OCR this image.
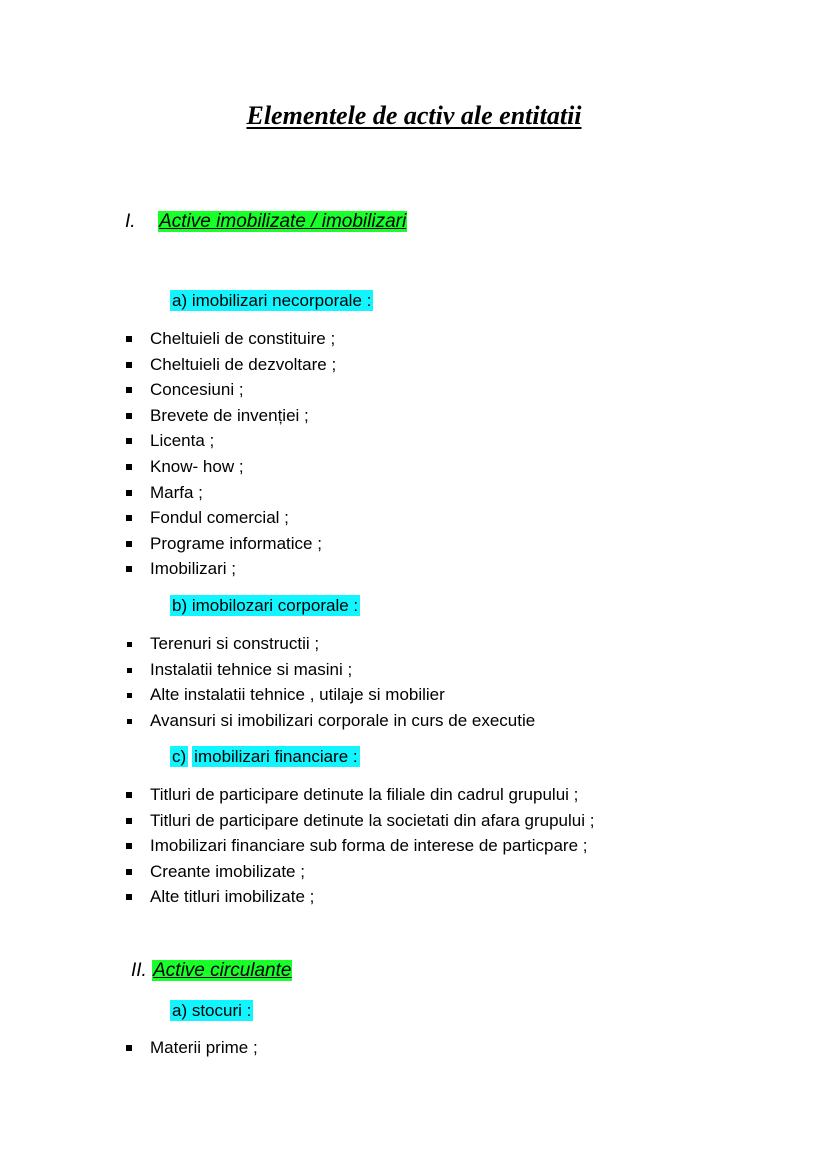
Elementele de activ ale entitatii
I. Active imobilizate / imobilizari
a) imobilizari necorporale :
Cheltuieli de constituire ;
Cheltuieli de dezvoltare ;
Concesiuni ;
Brevete de invenției ;
Licenta ;
Know- how ;
Marfa ;
Fondul comercial ;
Programe informatice ;
Imobilizari ;
b) imobilozari corporale :
Terenuri si constructii ;
Instalatii tehnice si masini ;
Alte instalatii tehnice , utilaje si mobilier
Avansuri si imobilizari corporale in curs de executie
c) imobilizari financiare :
Titluri de participare detinute la filiale din cadrul grupului ;
Titluri de participare detinute la societati din afara grupului ;
Imobilizari financiare sub forma de interese de particpare ;
Creante imobilizate ;
Alte titluri imobilizate ;
II. Active circulante
a) stocuri :
Materii prime ;
